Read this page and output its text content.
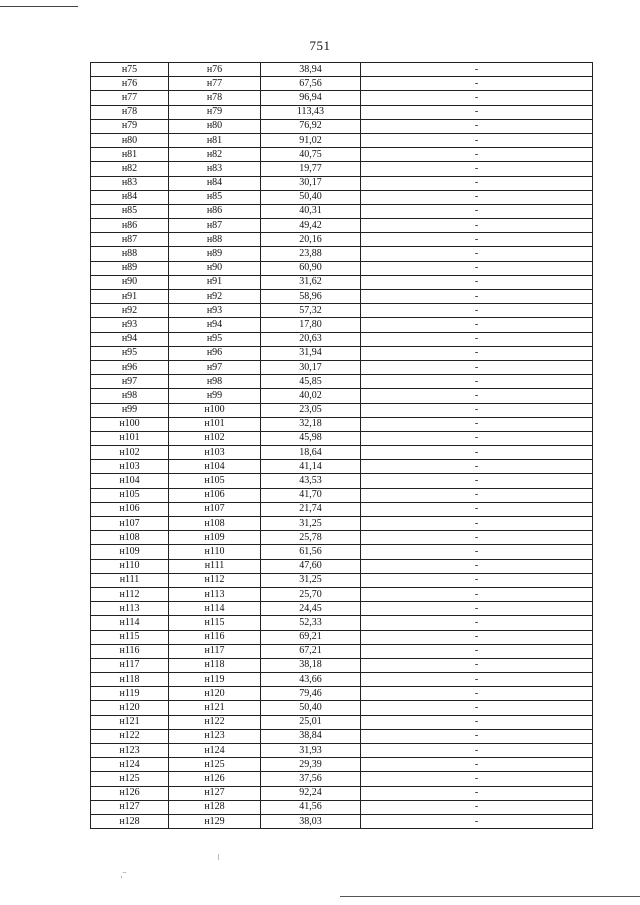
751
н75	н76	38,94	-
н76	н77	67,56	-
н77	н78	96,94	-
н78	н79	113,43	-
н79	н80	76,92	-
н80	н81	91,02	-
н81	н82	40,75	-
н82	н83	19,77	-
н83	н84	30,17	-
н84	н85	50,40	-
н85	н86	40,31	-
н86	н87	49,42	-
н87	н88	20,16	-
н88	н89	23,88	-
н89	н90	60,90	-
н90	н91	31,62	-
н91	н92	58,96	-
н92	н93	57,32	-
н93	н94	17,80	-
н94	н95	20,63	-
н95	н96	31,94	-
н96	н97	30,17	-
н97	н98	45,85	-
н98	н99	40,02	-
н99	н100	23,05	-
н100	н101	32,18	-
н101	н102	45,98	-
н102	н103	18,64	-
н103	н104	41,14	-
н104	н105	43,53	-
н105	н106	41,70	-
н106	н107	21,74	-
н107	н108	31,25	-
н108	н109	25,78	-
н109	н110	61,56	-
н110	н111	47,60	-
н111	н112	31,25	-
н112	н113	25,70	-
н113	н114	24,45	-
н114	н115	52,33	-
н115	н116	69,21	-
н116	н117	67,21	-
н117	н118	38,18	-
н118	н119	43,66	-
н119	н120	79,46	-
н120	н121	50,40	-
н121	н122	25,01	-
н122	н123	38,84	-
н123	н124	31,93	-
н124	н125	29,39	-
н125	н126	37,56	-
н126	н127	92,24	-
н127	н128	41,56	-
н128	н129	38,03	-
·‾
